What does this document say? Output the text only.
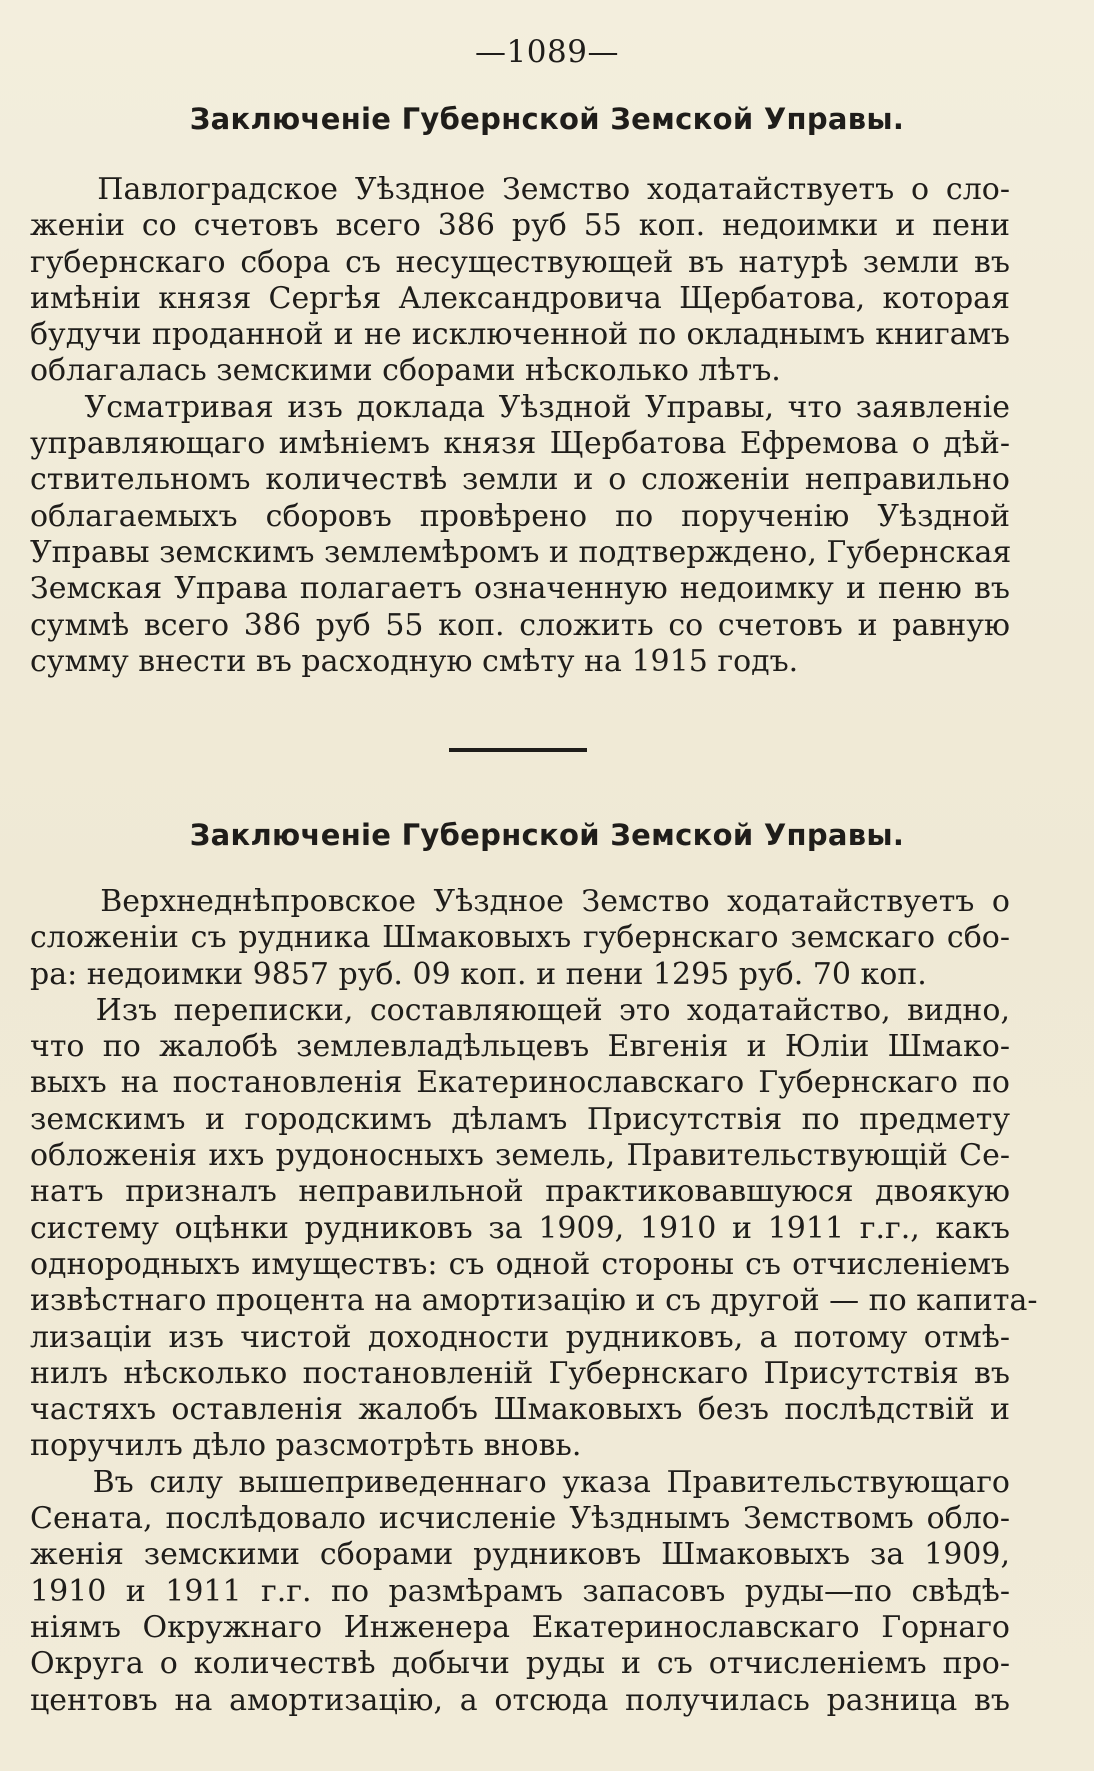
—1089—
Заключеніе Губернской Земской Управы.
Павлоградское Уѣздное Земство ходатайствуетъ о сло-
женіи со счетовъ всего 386 руб 55 коп. недоимки и пени
губернскаго сбора съ несуществующей въ натурѣ земли въ
имѣніи князя Сергѣя Александровича Щербатова, которая
будучи проданной и не исключенной по окладнымъ книгамъ
облагалась земскими сборами нѣсколько лѣтъ.
Усматривая изъ доклада Уѣздной Управы, что заявленіе
управляющаго имѣніемъ князя Щербатова Ефремова о дѣй-
ствительномъ количествѣ земли и о сложеніи неправильно
облагаемыхъ сборовъ провѣрено по порученію Уѣздной
Управы земскимъ землемѣромъ и подтверждено, Губернская
Земская Управа полагаетъ означенную недоимку и пеню въ
суммѣ всего 386 руб 55 коп. сложить со счетовъ и равную
сумму внести въ расходную смѣту на 1915 годъ.
Заключеніе Губернской Земской Управы.
Верхнеднѣпровское Уѣздное Земство ходатайствуетъ о
сложеніи съ рудника Шмаковыхъ губернскаго земскаго сбо-
ра: недоимки 9857 руб. 09 коп. и пени 1295 руб. 70 коп.
Изъ переписки, составляющей это ходатайство, видно,
что по жалобѣ землевладѣльцевъ Евгенія и Юліи Шмако-
выхъ на постановленія Екатеринославскаго Губернскаго по
земскимъ и городскимъ дѣламъ Присутствія по предмету
обложенія ихъ рудоносныхъ земель, Правительствующій Се-
натъ призналъ неправильной практиковавшуюся двоякую
систему оцѣнки рудниковъ за 1909, 1910 и 1911 г.г., какъ
однородныхъ имуществъ: съ одной стороны съ отчисленіемъ
извѣстнаго процента на амортизацію и съ другой — по капита-
лизаціи изъ чистой доходности рудниковъ, а потому отмѣ-
нилъ нѣсколько постановленій Губернскаго Присутствія въ
частяхъ оставленія жалобъ Шмаковыхъ безъ послѣдствій и
поручилъ дѣло разсмотрѣть вновь.
Въ силу вышеприведеннаго указа Правительствующаго
Сената, послѣдовало исчисленіе Уѣзднымъ Земствомъ обло-
женія земскими сборами рудниковъ Шмаковыхъ за 1909,
1910 и 1911 г.г. по размѣрамъ запасовъ руды—по свѣдѣ-
ніямъ Окружнаго Инженера Екатеринославскаго Горнаго
Округа о количествѣ добычи руды и съ отчисленіемъ про-
центовъ на амортизацію, а отсюда получилась разница въ
